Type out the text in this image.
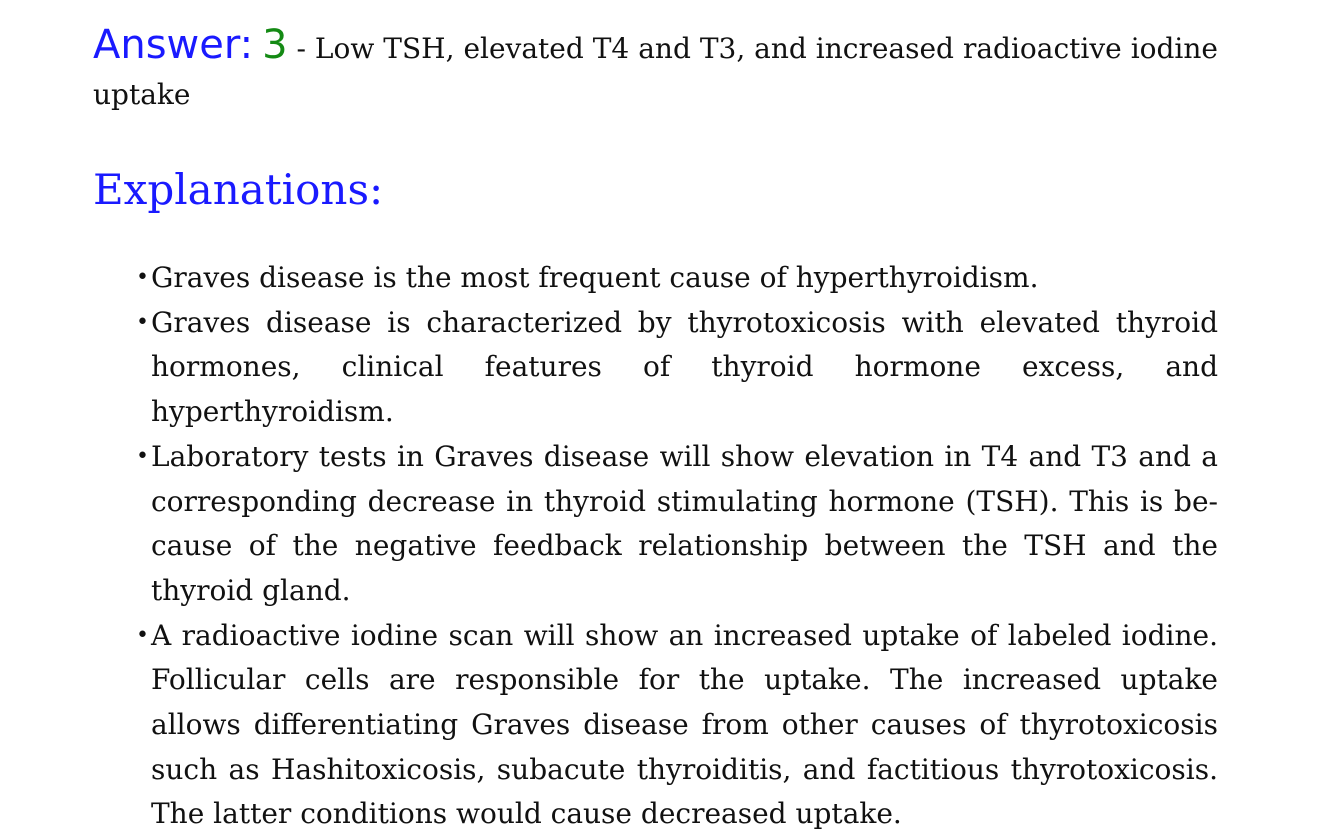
Answer: 3 - Low TSH, elevated T4 and T3, and increased radioactive iodine uptake

Explanations:
• Graves disease is the most frequent cause of hyperthyroidism.
• Graves disease is characterized by thyrotoxicosis with elevated thyroid hormones, clinical features of thyroid hormone excess, and hyperthyroidism.
• Laboratory tests in Graves disease will show elevation in T4 and T3 and a corresponding decrease in thyroid stimulating hormone (TSH). This is because of the negative feedback relationship between the TSH and the thyroid gland.
• A radioactive iodine scan will show an increased uptake of labeled iodine. Follicular cells are responsible for the uptake. The increased uptake allows differentiating Graves disease from other causes of thyrotoxicosis such as Hashitoxicosis, subacute thyroiditis, and factitious thyrotoxicosis. The latter conditions would cause decreased uptake.
